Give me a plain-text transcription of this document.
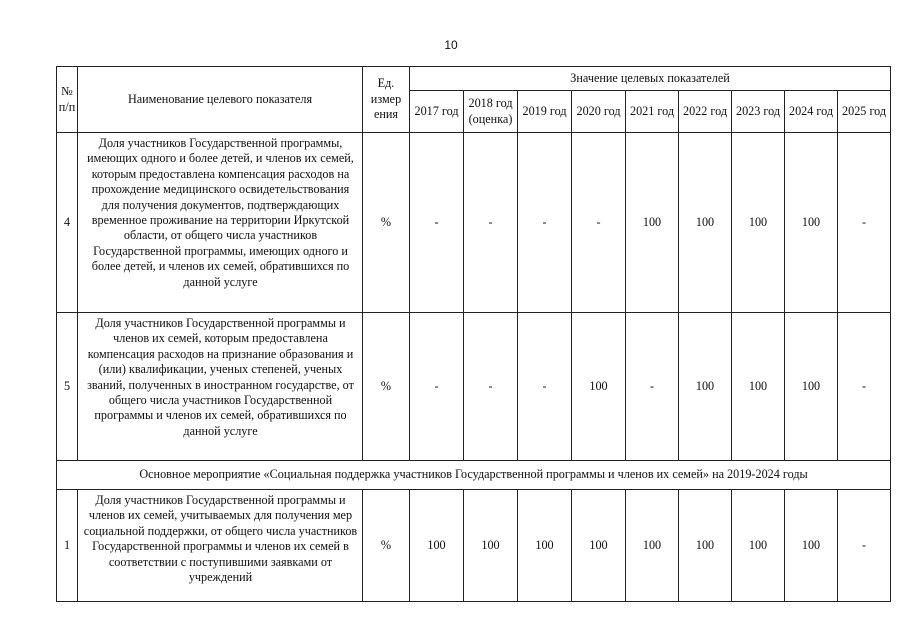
10
№ п/п	Наименование целевого показателя	Ед. измер ения	Значение целевых показателей								
			2017 год	2018 год (оценка)	2019 год	2020 год	2021 год	2022 год	2023 год	2024 год	2025 год
4	Доля участников Государственной программы, имеющих одного и более детей, и членов их семей, которым предоставлена компенсация расходов на прохождение медицинского освидетельствования для получения документов, подтверждающих временное проживание на территории Иркутской области, от общего числа участников Государственной программы, имеющих одного и более детей, и членов их семей, обратившихся по данной услуге	%	-	-	-	-	100	100	100	100	-
5	Доля участников Государственной программы и членов их семей, которым предоставлена компенсация расходов на признание образования и (или) квалификации, ученых степеней, ученых званий, полученных в иностранном государстве, от общего числа участников Государственной программы и членов их семей, обратившихся по данной услуге	%	-	-	-	100	-	100	100	100	-
Основное мероприятие «Социальная поддержка участников Государственной программы и членов их семей» на 2019-2024 годы											
1	Доля участников Государственной программы и членов их семей, учитываемых для получения мер социальной поддержки, от общего числа участников Государственной программы и членов их семей в соответствии с поступившими заявками от учреждений	%	100	100	100	100	100	100	100	100	-
